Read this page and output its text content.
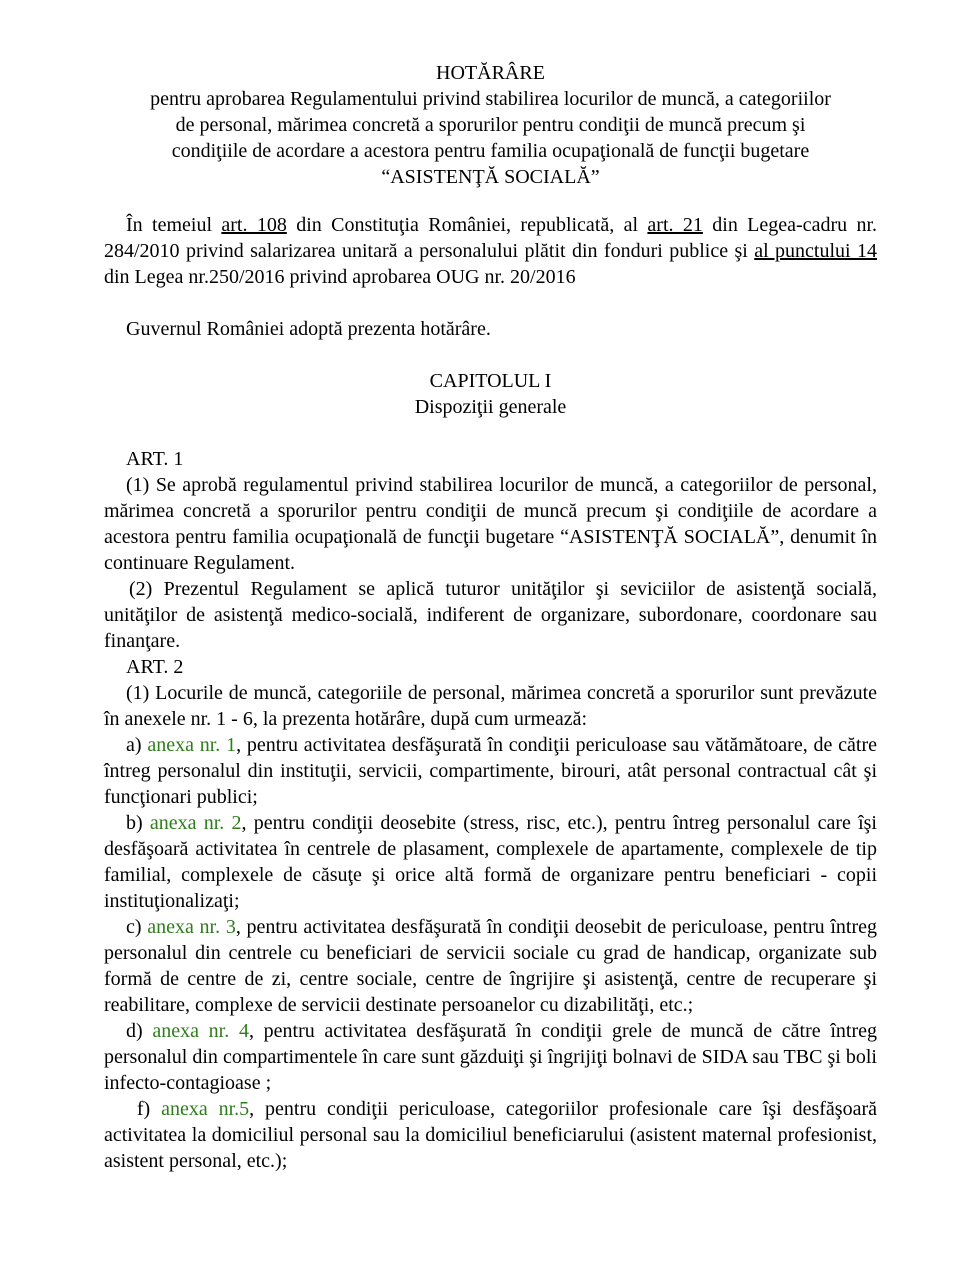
HOTĂRÂRE

pentru aprobarea Regulamentului privind stabilirea locurilor de muncă, a categoriilor

de personal, mărimea concretă a sporurilor pentru condiţii de muncă precum şi

condiţiile de acordare a acestora pentru familia ocupaţională de funcţii bugetare

“ASISTENŢĂ SOCIALĂ”

În temeiul art. 108 din Constituţia României, republicată, al art. 21 din Legea-cadru nr. 284/2010 privind salarizarea unitară a personalului plătit din fonduri publice şi al punctului 14 din Legea nr.250/2016 privind aprobarea OUG nr. 20/2016

Guvernul României adoptă prezenta hotărâre.

CAPITOLUL I

Dispoziţii generale

ART. 1

(1) Se aprobă regulamentul privind stabilirea locurilor de muncă, a categoriilor de personal, mărimea concretă a sporurilor pentru condiţii de muncă precum şi condiţiile de acordare a acestora pentru familia ocupaţională de funcţii bugetare “ASISTENŢĂ SOCIALĂ”, denumit în continuare Regulament.

(2) Prezentul Regulament se aplică tuturor unităţilor şi seviciilor de asistenţă socială, unităţilor de asistenţă medico-socială, indiferent de organizare, subordonare, coordonare sau finanţare.

ART. 2

(1) Locurile de muncă, categoriile de personal, mărimea concretă a sporurilor sunt prevăzute în anexele nr. 1 - 6, la prezenta hotărâre, după cum urmează:

a) anexa nr. 1, pentru activitatea desfăşurată în condiţii periculoase sau vătămătoare, de către întreg personalul din instituţii, servicii, compartimente, birouri, atât personal contractual cât şi funcţionari publici;

b) anexa nr. 2, pentru condiţii deosebite (stress, risc, etc.), pentru întreg personalul care îşi desfăşoară activitatea în centrele de plasament, complexele de apartamente, complexele de tip familial, complexele de căsuţe şi orice altă formă de organizare pentru beneficiari - copii instituţionalizaţi;

c) anexa nr. 3, pentru activitatea desfăşurată în condiţii deosebit de periculoase, pentru întreg personalul din centrele cu beneficiari de servicii sociale cu grad de handicap, organizate sub formă de centre de zi, centre sociale, centre de îngrijire şi asistenţă, centre de recuperare şi reabilitare, complexe de servicii destinate persoanelor cu dizabilităţi, etc.;

d) anexa nr. 4, pentru activitatea desfăşurată în condiţii grele de muncă de către întreg personalul din compartimentele în care sunt găzduiţi şi îngrijiţi bolnavi de SIDA sau TBC şi boli infecto-contagioase ;

f) anexa nr.5, pentru condiţii periculoase, categoriilor profesionale care îşi desfăşoară activitatea la domiciliul personal sau la domiciliul beneficiarului (asistent maternal profesionist, asistent personal, etc.);
